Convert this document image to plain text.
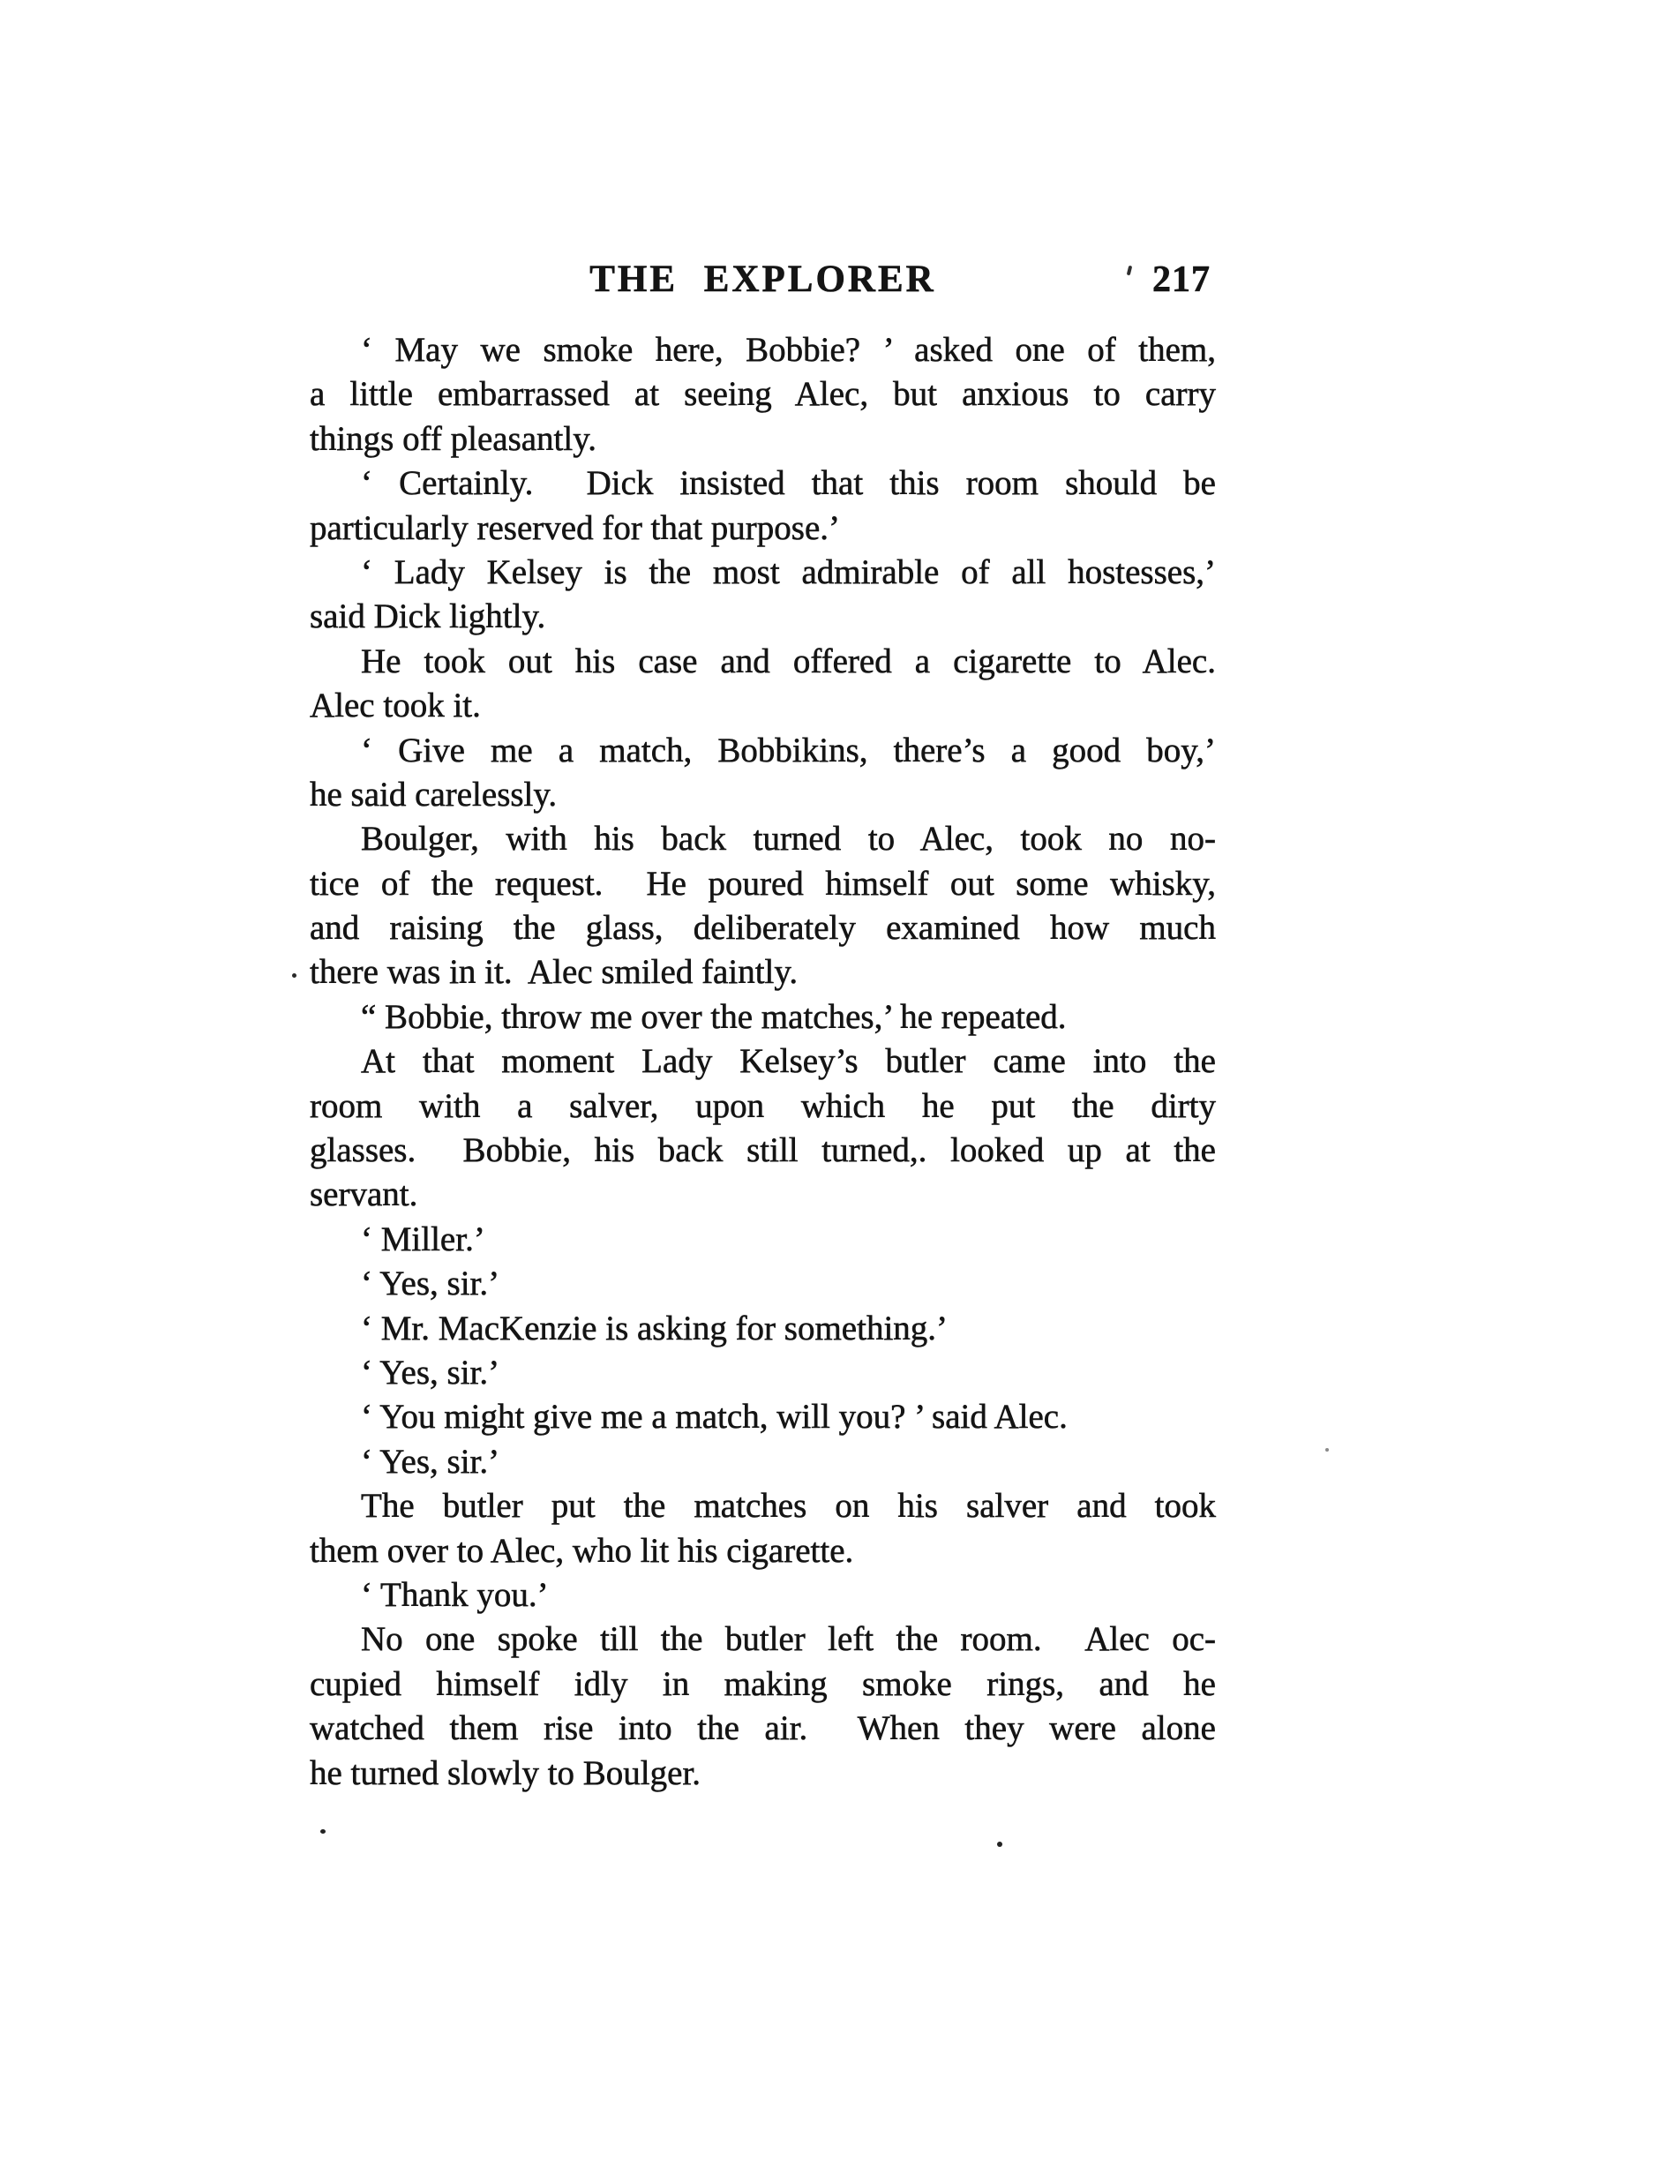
THE EXPLORER	217
‘ May we smoke here, Bobbie? ’ asked one of them,
a little embarrassed at seeing Alec, but anxious to carry
things off pleasantly.
‘ Certainly.  Dick insisted that this room should be
particularly reserved for that purpose.’
‘ Lady Kelsey is the most admirable of all hostesses,’
said Dick lightly.
He took out his case and offered a cigarette to Alec.
Alec took it.
‘ Give me a match, Bobbikins, there’s a good boy,’
he said carelessly.
Boulger, with his back turned to Alec, took no no-
tice of the request.  He poured himself out some whisky,
and raising the glass, deliberately examined how much
there was in it.  Alec smiled faintly.
“ Bobbie, throw me over the matches,’ he repeated.
At that moment Lady Kelsey’s butler came into the
room with a salver, upon which he put the dirty
glasses.  Bobbie, his back still turned,. looked up at the
servant.
‘ Miller.’
‘ Yes, sir.’
‘ Mr. MacKenzie is asking for something.’
‘ Yes, sir.’
‘ You might give me a match, will you? ’ said Alec.
‘ Yes, sir.’
The butler put the matches on his salver and took
them over to Alec, who lit his cigarette.
‘ Thank you.’
No one spoke till the butler left the room.  Alec oc-
cupied himself idly in making smoke rings, and he
watched them rise into the air.  When they were alone
he turned slowly to Boulger.
